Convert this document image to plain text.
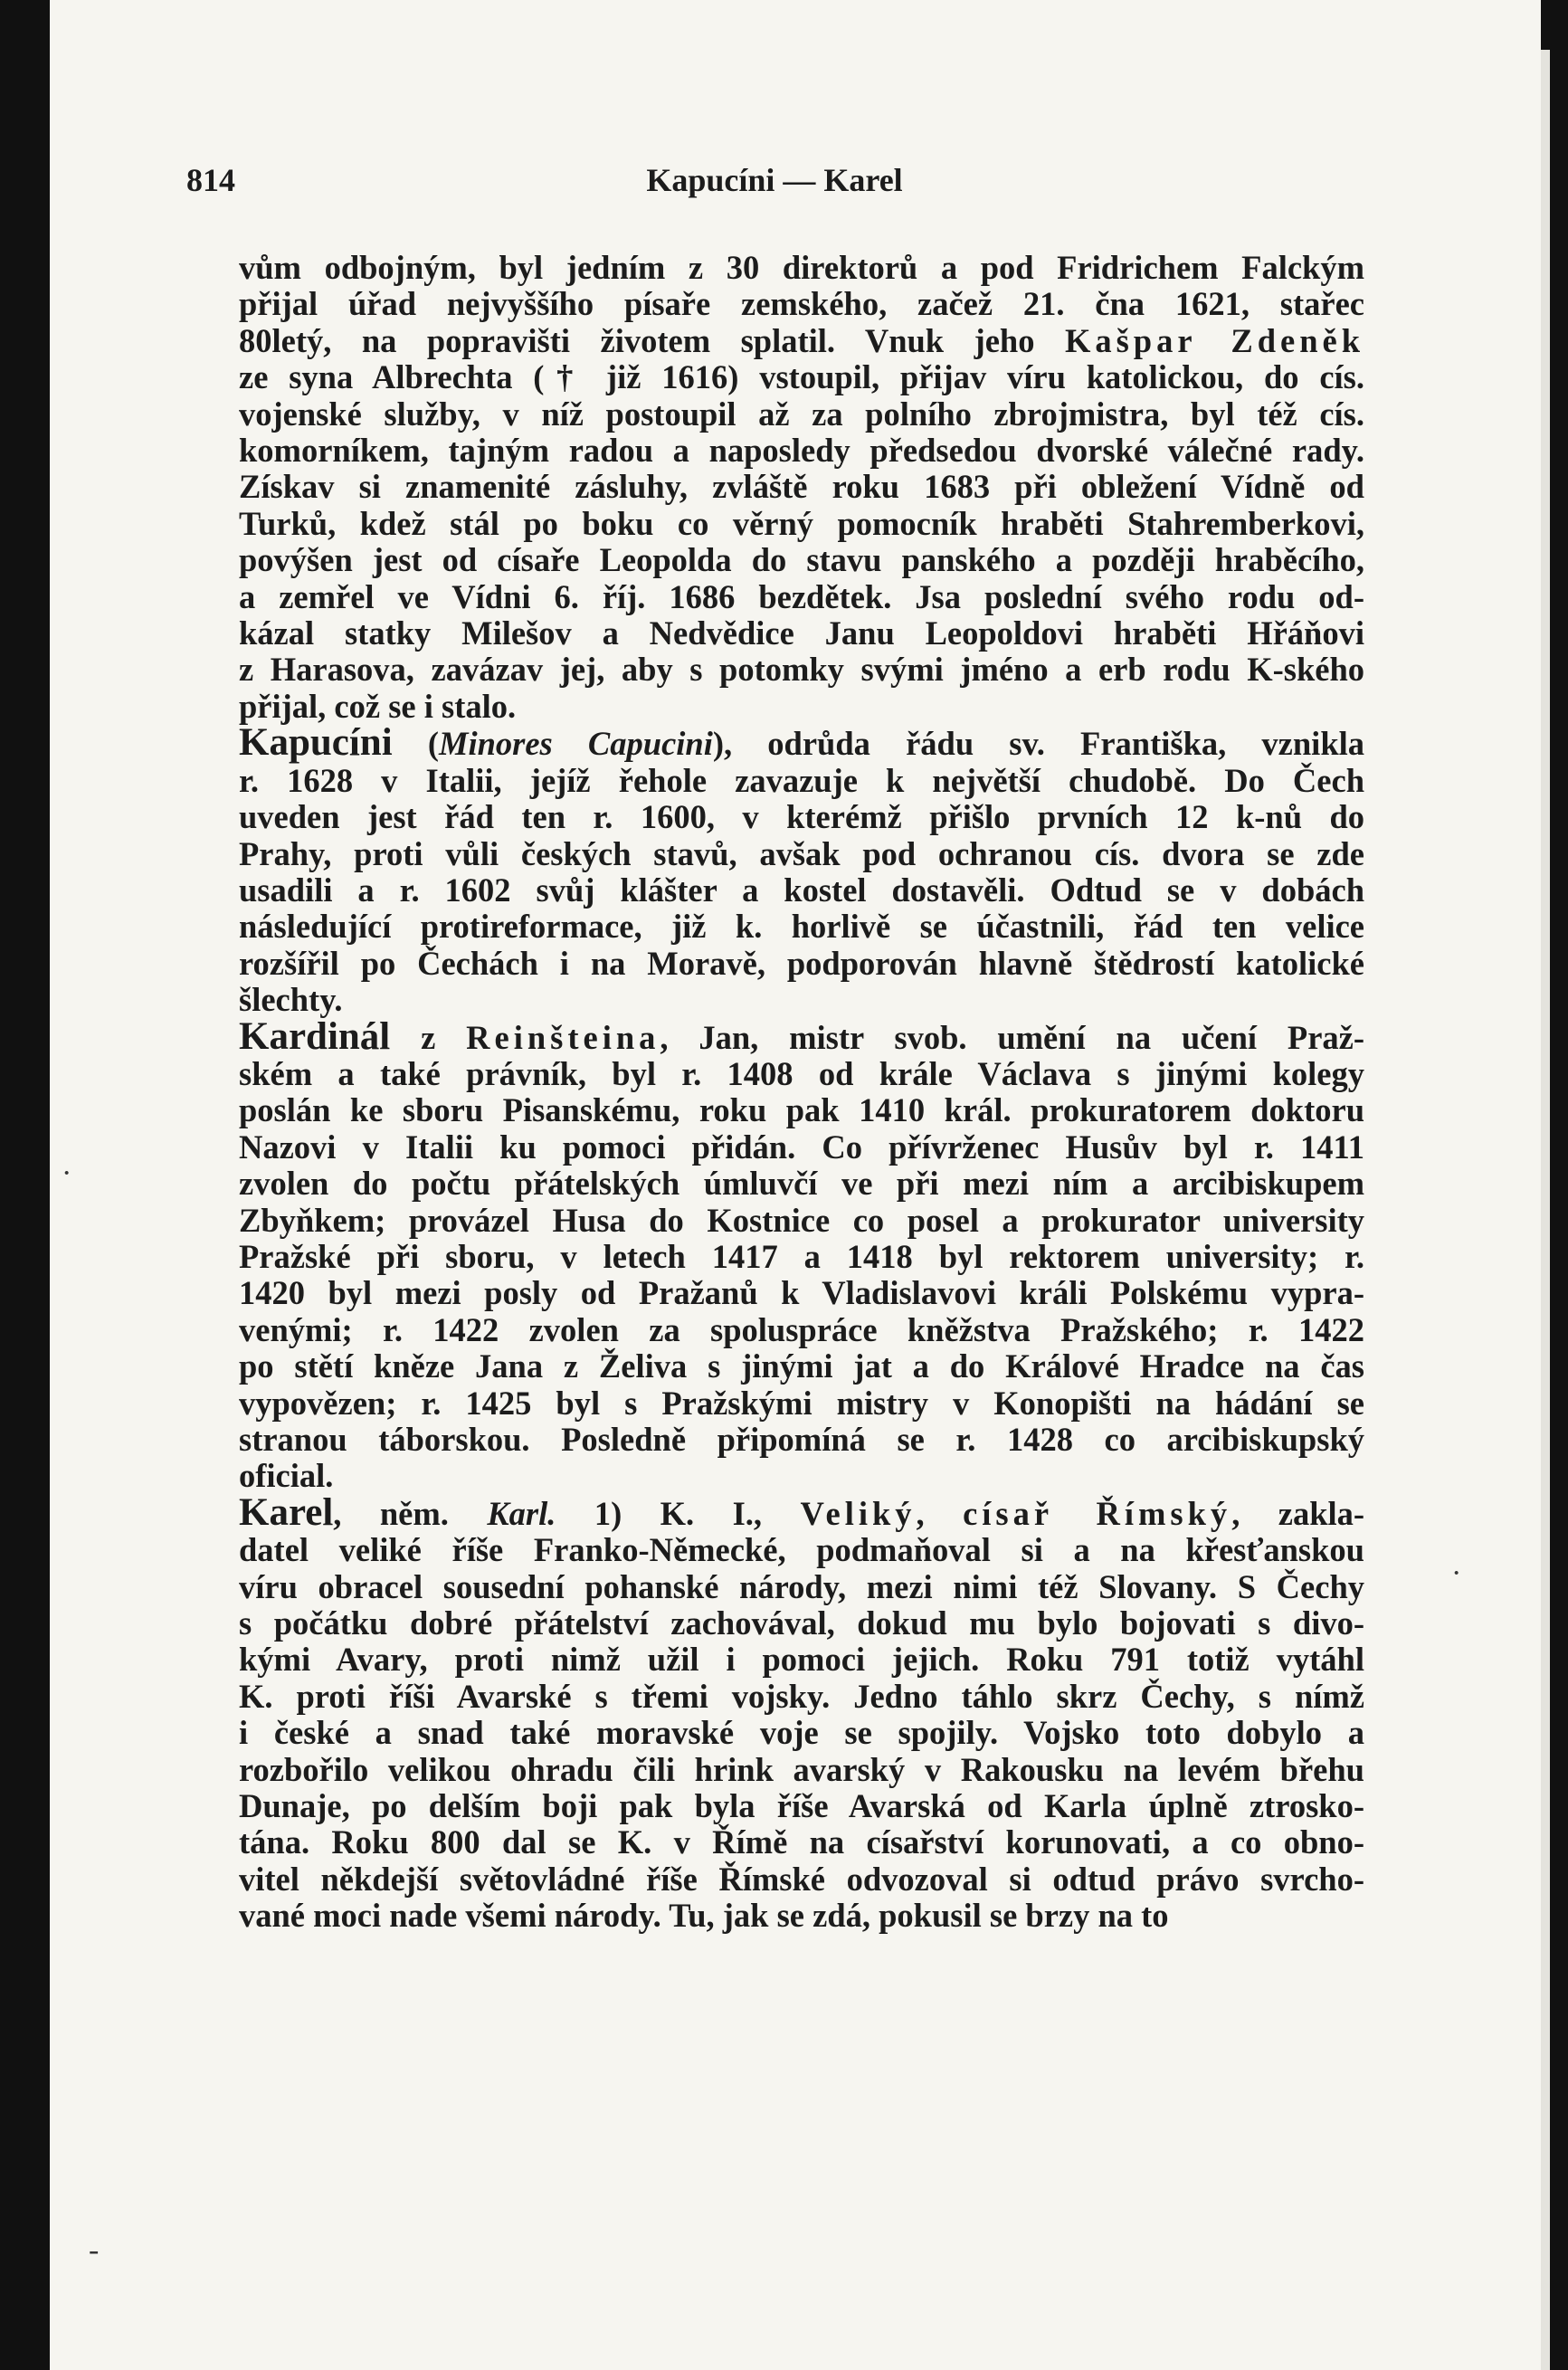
814	Kapucíni — Karel

vům odbojným, byl jedním z 30 direktorů a pod Fridrichem Falckým

přijal úřad nejvyššího písaře zemského, začež 21. čna 1621, stařec

80letý, na popravišti životem splatil. Vnuk jeho Kašpar Zdeněk

ze syna Albrechta († již 1616) vstoupil, přijav víru katolickou, do cís.

vojenské služby, v níž postoupil až za polního zbrojmistra, byl též cís.

komorníkem, tajným radou a naposledy předsedou dvorské válečné rady.

Získav si znamenité zásluhy, zvláště roku 1683 při obležení Vídně od

Turků, kdež stál po boku co věrný pomocník hraběti Stahremberkovi,

povýšen jest od císaře Leopolda do stavu panského a později hraběcího,

a zemřel ve Vídni 6. říj. 1686 bezdětek. Jsa poslední svého rodu od-

kázal statky Milešov a Nedvědice Janu Leopoldovi hraběti Hřáňovi

z Harasova, zavázav jej, aby s potomky svými jméno a erb rodu K-ského

přijal, což se i stalo.

Kapucíni (Minores Capucini), odrůda řádu sv. Františka, vznikla

r. 1628 v Italii, jejíž řehole zavazuje k největší chudobě. Do Čech

uveden jest řád ten r. 1600, v kterémž přišlo prvních 12 k-nů do

Prahy, proti vůli českých stavů, avšak pod ochranou cís. dvora se zde

usadili a r. 1602 svůj klášter a kostel dostavěli. Odtud se v dobách

následující protireformace, již k. horlivě se účastnili, řád ten velice

rozšířil po Čechách i na Moravě, podporován hlavně štědrostí katolické

šlechty.

Kardinál z Reinšteina, Jan, mistr svob. umění na učení Praž-

ském a také právník, byl r. 1408 od krále Václava s jinými kolegy

poslán ke sboru Pisanskému, roku pak 1410 král. prokuratorem doktoru

Nazovi v Italii ku pomoci přidán. Co přívrženec Husův byl r. 1411

zvolen do počtu přátelských úmluvčí ve při mezi ním a arcibiskupem

Zbyňkem; provázel Husa do Kostnice co posel a prokurator university

Pražské při sboru, v letech 1417 a 1418 byl rektorem university; r.

1420 byl mezi posly od Pražanů k Vladislavovi králi Polskému vypra-

venými; r. 1422 zvolen za spoluspráce kněžstva Pražského; r. 1422

po stětí kněze Jana z Želiva s jinými jat a do Králové Hradce na čas

vypovězen; r. 1425 byl s Pražskými mistry v Konopišti na hádání se

stranou táborskou. Posledně připomíná se r. 1428 co arcibiskupský

oficial.

Karel, něm. Karl. 1) K. I., Veliký, císař Římský, zakla-

datel veliké říše Franko-Německé, podmaňoval si a na křesťanskou

víru obracel sousední pohanské národy, mezi nimi též Slovany. S Čechy

s počátku dobré přátelství zachovával, dokud mu bylo bojovati s divo-

kými Avary, proti nimž užil i pomoci jejich. Roku 791 totiž vytáhl

K. proti říši Avarské s třemi vojsky. Jedno táhlo skrz Čechy, s nímž

i české a snad také moravské voje se spojily. Vojsko toto dobylo a

rozbořilo velikou ohradu čili hrink avarský v Rakousku na levém břehu

Dunaje, po delším boji pak byla říše Avarská od Karla úplně ztrosko-

tána. Roku 800 dal se K. v Římě na císařství korunovati, a co obno-

vitel někdejší světovládné říše Římské odvozoval si odtud právo svrcho-

vané moci nade všemi národy. Tu, jak se zdá, pokusil se brzy na to

·
‐
·
